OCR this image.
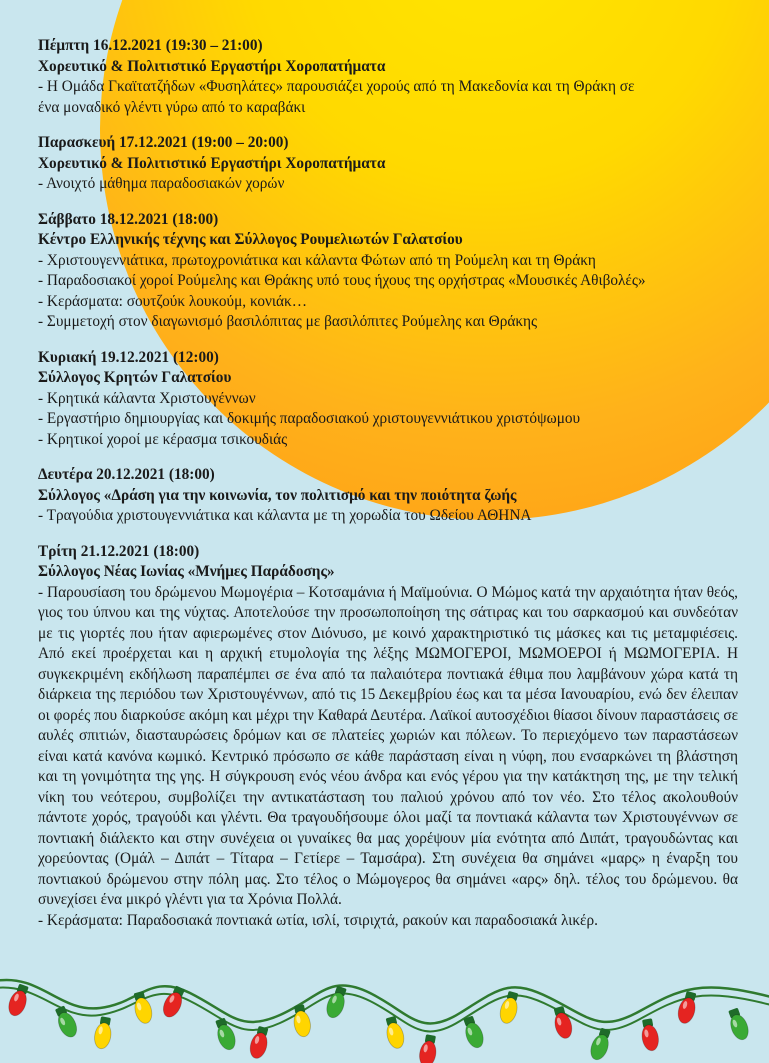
Πέμπτη 16.12.2021 (19:30 – 21:00)
Χορευτικό & Πολιτιστικό Εργαστήρι Χοροπατήματα
- Η Ομάδα Γκαϊτατζήδων «Φυσηλάτες» παρουσιάζει χορούς από τη Μακεδονία και τη Θράκη σε
ένα μοναδικό γλέντι γύρω από το καραβάκι
Παρασκευή 17.12.2021 (19:00 – 20:00)
Χορευτικό & Πολιτιστικό Εργαστήρι Χοροπατήματα
- Ανοιχτό μάθημα παραδοσιακών χορών
Σάββατο 18.12.2021 (18:00)
Κέντρο Ελληνικής τέχνης και Σύλλογος Ρουμελιωτών Γαλατσίου
- Χριστουγεννιάτικα, πρωτοχρονιάτικα και κάλαντα Φώτων από τη Ρούμελη και τη Θράκη
- Παραδοσιακοί χοροί Ρούμελης και Θράκης υπό τους ήχους της ορχήστρας «Μουσικές Αθιβολές»
- Κεράσματα: σουτζούκ λουκούμ, κονιάκ…
- Συμμετοχή στον διαγωνισμό βασιλόπιτας με βασιλόπιτες Ρούμελης και Θράκης
Κυριακή 19.12.2021 (12:00)
Σύλλογος Κρητών Γαλατσίου
- Κρητικά κάλαντα Χριστουγέννων
- Εργαστήριο δημιουργίας και δοκιμής παραδοσιακού χριστουγεννιάτικου χριστόψωμου
- Κρητικοί χοροί με κέρασμα τσικουδιάς
Δευτέρα 20.12.2021 (18:00)
Σύλλογος «Δράση για την κοινωνία, τον πολιτισμό και την ποιότητα ζωής
- Τραγούδια χριστουγεννιάτικα και κάλαντα με τη χορωδία του Ωδείου ΑΘΗΝΑ
Τρίτη 21.12.2021 (18:00)
Σύλλογος Νέας Ιωνίας «Μνήμες Παράδοσης»
- Παρουσίαση του δρώμενου Μωμογέρια – Κοτσαμάνια ή Μαϊμούνια. Ο Μώμος κατά την αρχαιότητα ήταν θεός, γιος του ύπνου και της νύχτας. Αποτελούσε την προσωποποίηση της σάτιρας και του σαρκασμού και συνδεόταν με τις γιορτές που ήταν αφιερωμένες στον Διόνυσο, με κοινό χαρακτηριστικό τις μάσκες και τις μεταμφιέσεις. Από εκεί προέρχεται και η αρχική ετυμολογία της λέξης ΜΩΜΟΓΕΡΟΙ, ΜΩΜΟΕΡΟΙ ή ΜΩΜΟΓΕΡΙΑ. Η συγκεκριμένη εκδήλωση παραπέμπει σε ένα από τα παλαιότερα ποντιακά έθιμα που λαμβάνουν χώρα κατά τη διάρκεια της περιόδου των Χριστουγέννων, από τις 15 Δεκεμβρίου έως και τα μέσα Ιανουαρίου, ενώ δεν έλειπαν οι φορές που διαρκούσε ακόμη και μέχρι την Καθαρά Δευτέρα. Λαϊκοί αυτοσχέδιοι θίασοι δίνουν παραστάσεις σε αυλές σπιτιών, διασταυρώσεις δρόμων και σε πλατείες χωριών και πόλεων. Το περιεχόμενο των παραστάσεων είναι κατά κανόνα κωμικό. Κεντρικό πρόσωπο σε κάθε παράσταση είναι η νύφη, που ενσαρκώνει τη βλάστηση και τη γονιμότητα της γης. Η σύγκρουση ενός νέου άνδρα και ενός γέρου για την κατάκτηση της, με την τελική νίκη του νεότερου, συμβολίζει την αντικατάσταση του παλιού χρόνου από τον νέο. Στο τέλος ακολουθούν πάντοτε χορός, τραγούδι και γλέντι. Θα τραγουδήσουμε όλοι μαζί τα ποντιακά κάλαντα των Χριστουγέννων σε ποντιακή διάλεκτο και στην συνέχεια οι γυναίκες θα μας χορέψουν μία ενότητα από Διπάτ, τραγουδώντας και χορεύοντας (Ομάλ – Διπάτ – Τίταρα – Γετίερε – Ταμσάρα). Στη συνέχεια θα σημάνει «μαρς» η έναρξη του ποντιακού δρώμενου στην πόλη μας. Στο τέλος ο Μώμογερος θα σημάνει «αρς» δηλ. τέλος του δρώμενου. θα συνεχίσει ένα μικρό γλέντι για τα Χρόνια Πολλά.
- Κεράσματα: Παραδοσιακά ποντιακά ωτία, ισλί, τσιριχτά, ρακούν και παραδοσιακά λικέρ.
